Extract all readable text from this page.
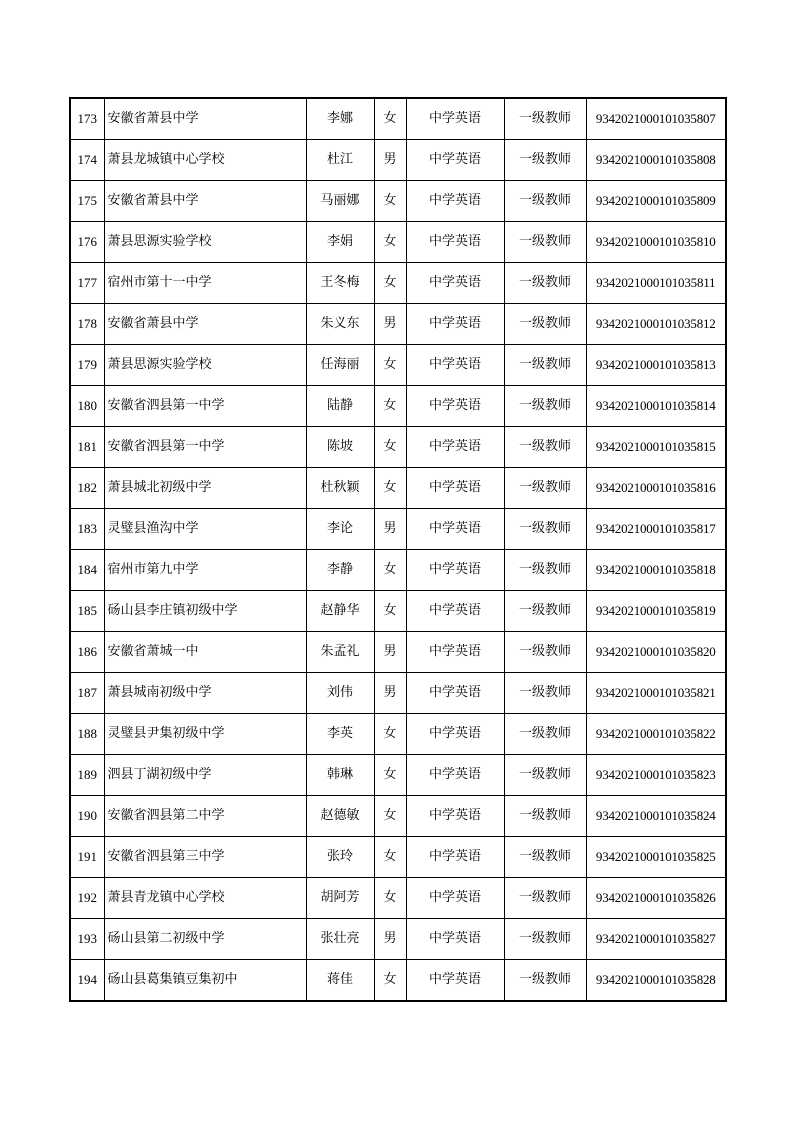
173	安徽省萧县中学	李娜	女	中学英语	一级教师	9342021000101035807
174	萧县龙城镇中心学校	杜江	男	中学英语	一级教师	9342021000101035808
175	安徽省萧县中学	马丽娜	女	中学英语	一级教师	9342021000101035809
176	萧县思源实验学校	李娟	女	中学英语	一级教师	9342021000101035810
177	宿州市第十一中学	王冬梅	女	中学英语	一级教师	9342021000101035811
178	安徽省萧县中学	朱义东	男	中学英语	一级教师	9342021000101035812
179	萧县思源实验学校	任海丽	女	中学英语	一级教师	9342021000101035813
180	安徽省泗县第一中学	陆静	女	中学英语	一级教师	9342021000101035814
181	安徽省泗县第一中学	陈坡	女	中学英语	一级教师	9342021000101035815
182	萧县城北初级中学	杜秋颖	女	中学英语	一级教师	9342021000101035816
183	灵璧县渔沟中学	李论	男	中学英语	一级教师	9342021000101035817
184	宿州市第九中学	李静	女	中学英语	一级教师	9342021000101035818
185	砀山县李庄镇初级中学	赵静华	女	中学英语	一级教师	9342021000101035819
186	安徽省萧城一中	朱孟礼	男	中学英语	一级教师	9342021000101035820
187	萧县城南初级中学	刘伟	男	中学英语	一级教师	9342021000101035821
188	灵璧县尹集初级中学	李英	女	中学英语	一级教师	9342021000101035822
189	泗县丁湖初级中学	韩琳	女	中学英语	一级教师	9342021000101035823
190	安徽省泗县第二中学	赵德敏	女	中学英语	一级教师	9342021000101035824
191	安徽省泗县第三中学	张玲	女	中学英语	一级教师	9342021000101035825
192	萧县青龙镇中心学校	胡阿芳	女	中学英语	一级教师	9342021000101035826
193	砀山县第二初级中学	张壮亮	男	中学英语	一级教师	9342021000101035827
194	砀山县葛集镇豆集初中	蒋佳	女	中学英语	一级教师	9342021000101035828
